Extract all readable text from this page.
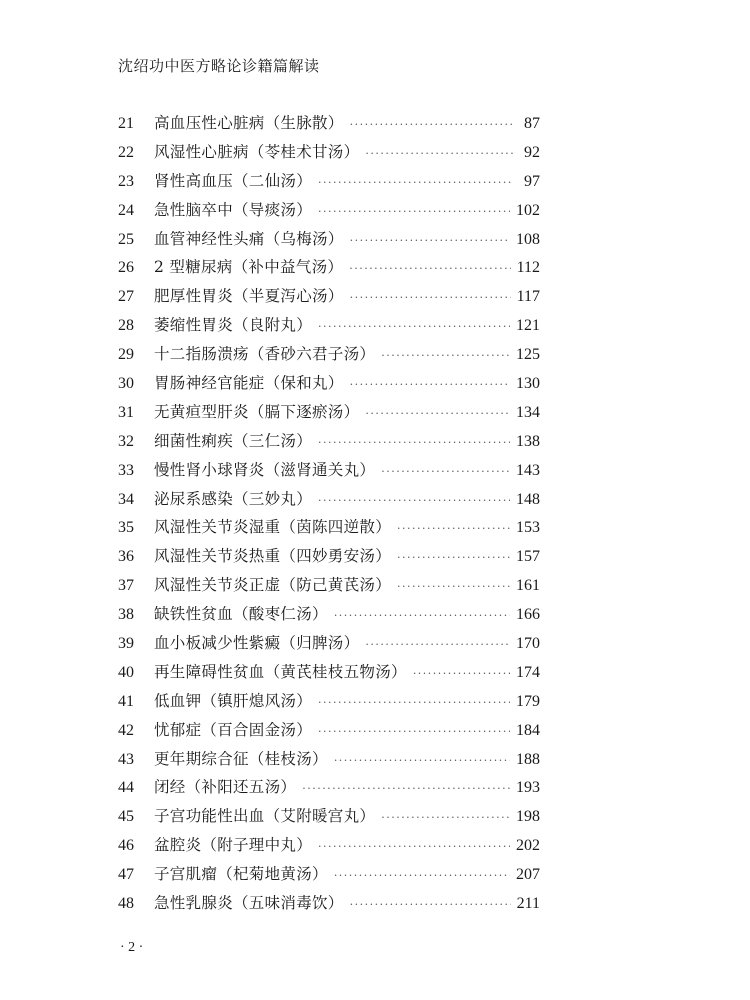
沈绍功中医方略论诊籍篇解读
21	高血压性心脏病（生脉散） ·····	87
22	风湿性心脏病（苓桂术甘汤） ·····	92
23	肾性高血压（二仙汤） ·····	97
24	急性脑卒中（导痰汤） ·····	102
25	血管神经性头痛（乌梅汤） ·····	108
26	2 型糖尿病（补中益气汤） ·····	112
27	肥厚性胃炎（半夏泻心汤） ·····	117
28	萎缩性胃炎（良附丸） ·····	121
29	十二指肠溃疡（香砂六君子汤） ·····	125
30	胃肠神经官能症（保和丸） ·····	130
31	无黄疸型肝炎（膈下逐瘀汤） ·····	134
32	细菌性痢疾（三仁汤） ·····	138
33	慢性肾小球肾炎（滋肾通关丸） ·····	143
34	泌尿系感染（三妙丸） ·····	148
35	风湿性关节炎湿重（茵陈四逆散） ·····	153
36	风湿性关节炎热重（四妙勇安汤） ·····	157
37	风湿性关节炎正虚（防己黄芪汤） ·····	161
38	缺铁性贫血（酸枣仁汤） ·····	166
39	血小板减少性紫癜（归脾汤） ·····	170
40	再生障碍性贫血（黄芪桂枝五物汤） ·····	174
41	低血钾（镇肝熄风汤） ·····	179
42	忧郁症（百合固金汤） ·····	184
43	更年期综合征（桂枝汤） ·····	188
44	闭经（补阳还五汤） ·····	193
45	子宫功能性出血（艾附暖宫丸） ·····	198
46	盆腔炎（附子理中丸） ·····	202
47	子宫肌瘤（杞菊地黄汤） ·····	207
48	急性乳腺炎（五味消毒饮） ·····	211
· 2 ·
